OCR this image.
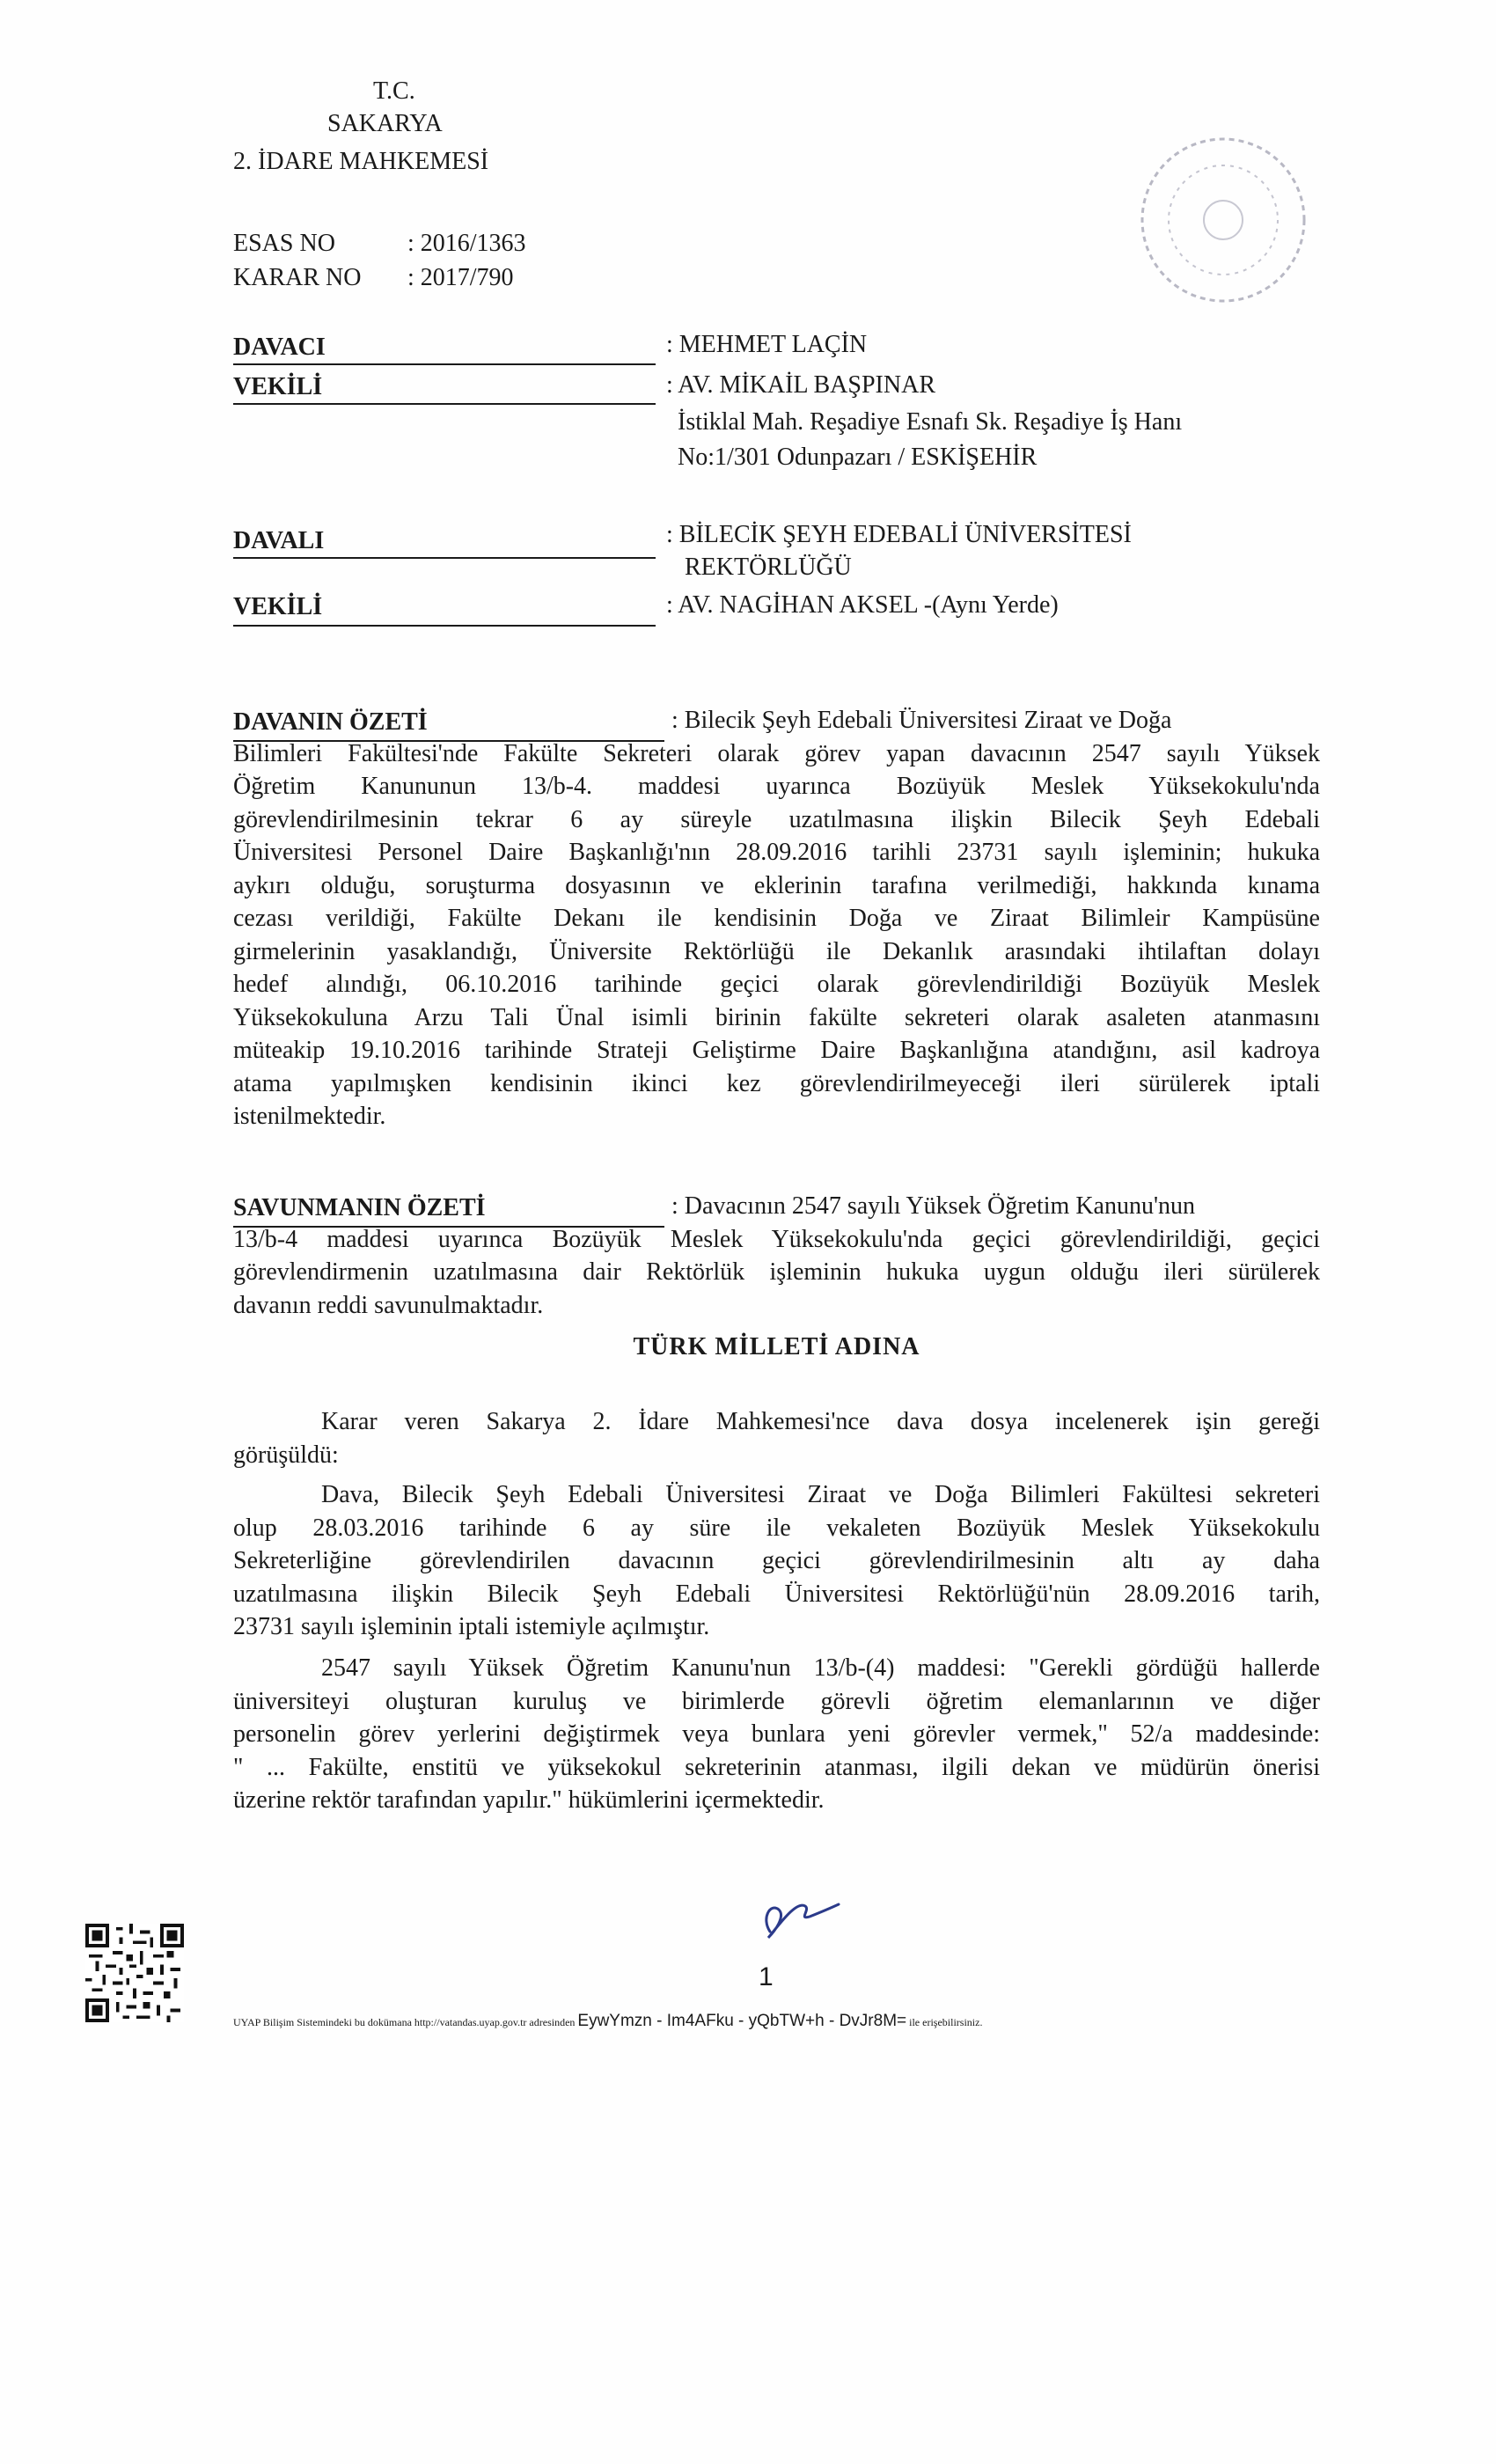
T.C.
SAKARYA
2. İDARE MAHKEMESİ
ESAS NO	: 2016/1363
KARAR NO : 2017/790
DAVACI	: MEHMET LAÇİN
VEKİLİ	: AV. MİKAİL BAŞPINAR
İstiklal Mah. Reşadiye Esnafı Sk. Reşadiye İş Hanı
No:1/301 Odunpazarı / ESKİŞEHİR
DAVALI	: BİLECİK ŞEYH EDEBALİ ÜNİVERSİTESİ
REKTÖRLÜĞÜ
VEKİLİ	: AV. NAGİHAN AKSEL -(Aynı Yerde)
DAVANIN ÖZETİ	: Bilecik Şeyh Edebali Üniversitesi Ziraat ve Doğa
Bilimleri Fakültesi'nde Fakülte Sekreteri olarak görev yapan davacının 2547 sayılı Yüksek
Öğretim Kanununun 13/b-4. maddesi uyarınca Bozüyük Meslek Yüksekokulu'nda
görevlendirilmesinin tekrar 6 ay süreyle uzatılmasına ilişkin Bilecik Şeyh Edebali
Üniversitesi Personel Daire Başkanlığı'nın 28.09.2016 tarihli 23731 sayılı işleminin; hukuka
aykırı olduğu, soruşturma dosyasının ve eklerinin tarafına verilmediği, hakkında kınama
cezası verildiği, Fakülte Dekanı ile kendisinin Doğa ve Ziraat Bilimleir Kampüsüne
girmelerinin yasaklandığı, Üniversite Rektörlüğü ile Dekanlık arasındaki ihtilaftan dolayı
hedef alındığı, 06.10.2016 tarihinde geçici olarak görevlendirildiği Bozüyük Meslek
Yüksekokuluna Arzu Tali Ünal isimli birinin fakülte sekreteri olarak asaleten atanmasını
müteakip 19.10.2016 tarihinde Strateji Geliştirme Daire Başkanlığına atandığını, asil kadroya
atama yapılmışken kendisinin ikinci kez görevlendirilmeyeceği ileri sürülerek iptali
istenilmektedir.
SAVUNMANIN ÖZETİ	: Davacının 2547 sayılı Yüksek Öğretim Kanunu'nun
13/b-4 maddesi uyarınca Bozüyük Meslek Yüksekokulu'nda geçici görevlendirildiği, geçici
görevlendirmenin uzatılmasına dair Rektörlük işleminin hukuka uygun olduğu ileri sürülerek
davanın reddi savunulmaktadır.
TÜRK MİLLETİ ADINA
Karar veren Sakarya 2. İdare Mahkemesi'nce dava dosya incelenerek işin gereği
görüşüldü:
Dava, Bilecik Şeyh Edebali Üniversitesi Ziraat ve Doğa Bilimleri Fakültesi sekreteri
olup 28.03.2016 tarihinde 6 ay süre ile vekaleten Bozüyük Meslek Yüksekokulu
Sekreterliğine görevlendirilen davacının geçici görevlendirilmesinin altı ay daha
uzatılmasına ilişkin Bilecik Şeyh Edebali Üniversitesi Rektörlüğü'nün 28.09.2016 tarih,
23731 sayılı işleminin iptali istemiyle açılmıştır.
2547 sayılı Yüksek Öğretim Kanunu'nun 13/b-(4) maddesi: "Gerekli gördüğü hallerde
üniversiteyi oluşturan kuruluş ve birimlerde görevli öğretim elemanlarının ve diğer
personelin görev yerlerini değiştirmek veya bunlara yeni görevler vermek," 52/a maddesinde:
" ... Fakülte, enstitü ve yüksekokul sekreterinin atanması, ilgili dekan ve müdürün önerisi
üzerine rektör tarafından yapılır." hükümlerini içermektedir.
1
UYAP Bilişim Sistemindeki bu dokümana http://vatandas.uyap.gov.tr adresinden EywYmzn - Im4AFku - yQbTW+h - DvJr8M= ile erişebilirsiniz.
